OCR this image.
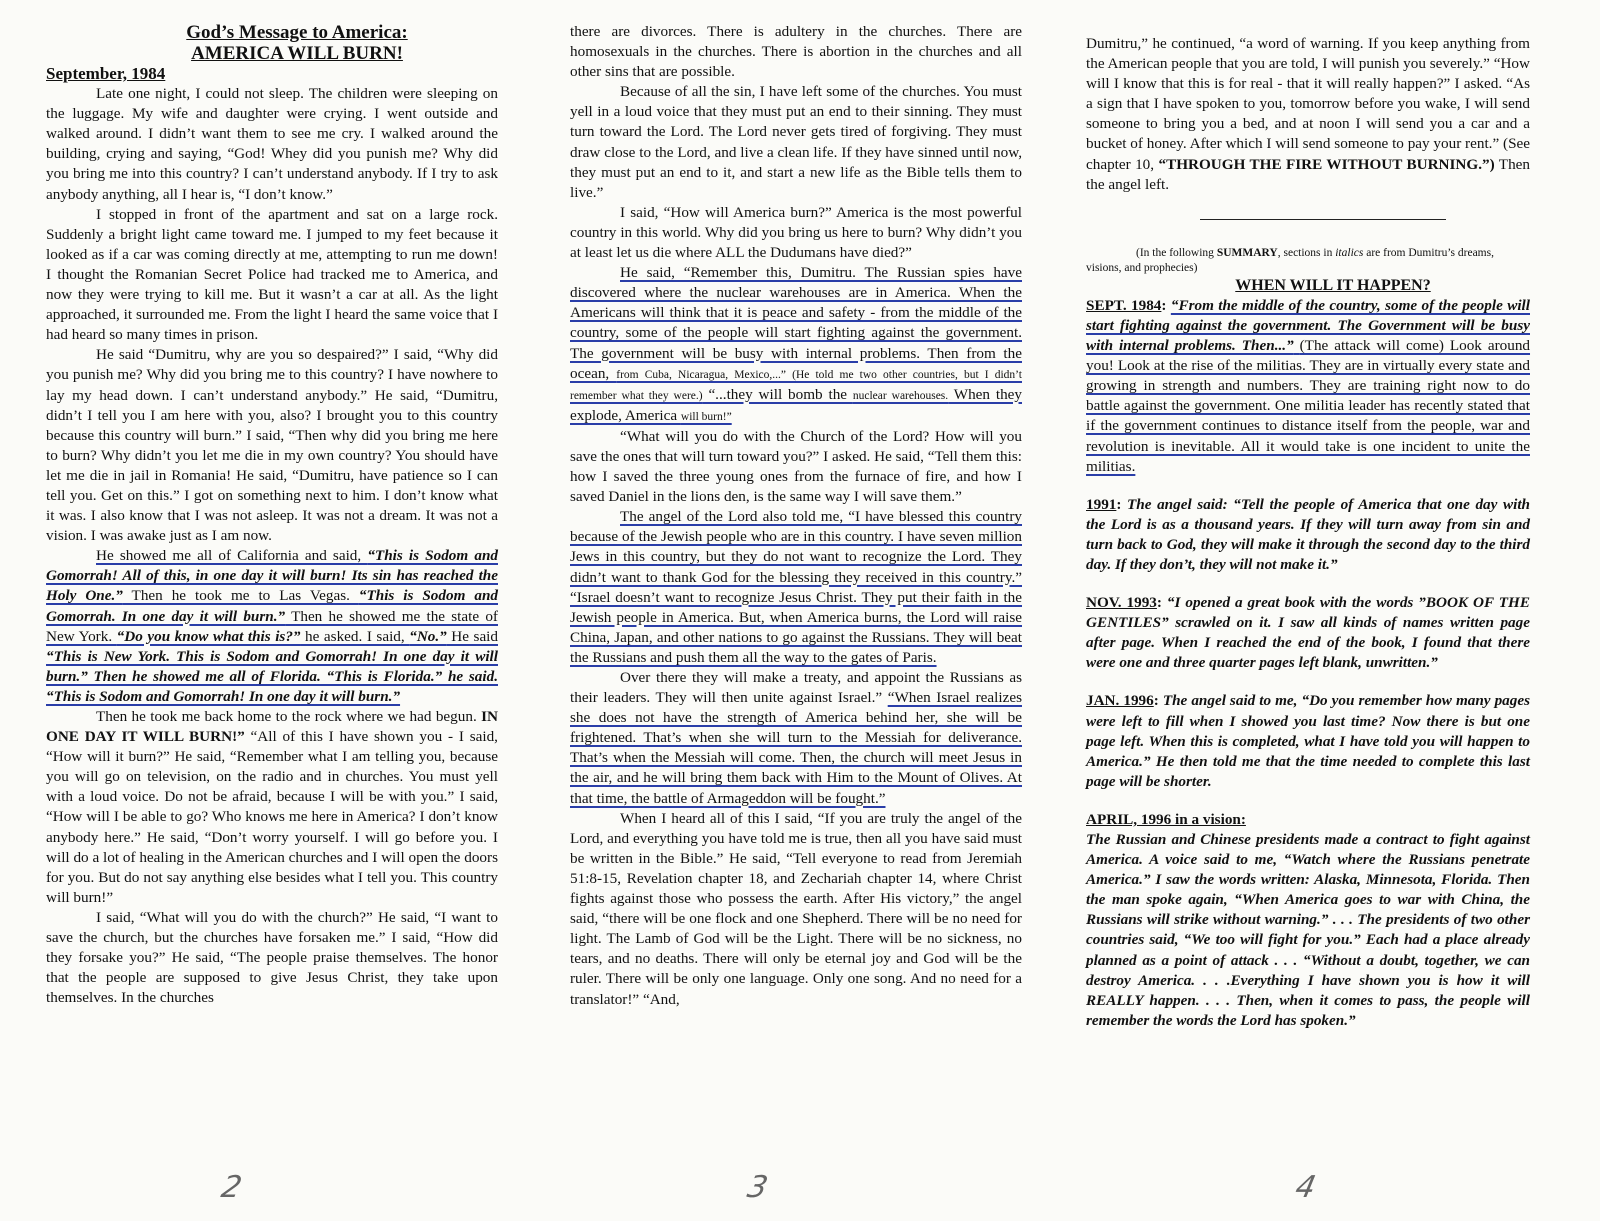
God’s Message to America:

AMERICA WILL BURN!

September, 1984

Late one night, I could not sleep. The children were sleeping on the luggage. My wife and daughter were crying. I went outside and walked around. I didn’t want them to see me cry. I walked around the building, crying and saying, “God! Whey did you punish me? Why did you bring me into this country? I can’t understand anybody. If I try to ask anybody anything, all I hear is, “I don’t know.”

I stopped in front of the apartment and sat on a large rock. Suddenly a bright light came toward me. I jumped to my feet because it looked as if a car was coming directly at me, attempting to run me down! I thought the Romanian Secret Police had tracked me to America, and now they were trying to kill me. But it wasn’t a car at all. As the light approached, it surrounded me. From the light I heard the same voice that I had heard so many times in prison.

He said “Dumitru, why are you so despaired?” I said, “Why did you punish me? Why did you bring me to this country? I have nowhere to lay my head down. I can’t understand anybody.” He said, “Dumitru, didn’t I tell you I am here with you, also? I brought you to this country because this country will burn.” I said, “Then why did you bring me here to burn? Why didn’t you let me die in my own country? You should have let me die in jail in Romania! He said, “Dumitru, have patience so I can tell you. Get on this.” I got on something next to him. I don’t know what it was. I also know that I was not asleep. It was not a dream. It was not a vision. I was awake just as I am now.

He showed me all of California and said, “This is Sodom and Gomorrah! All of this, in one day it will burn! Its sin has reached the Holy One.” Then he took me to Las Vegas. “This is Sodom and Gomorrah. In one day it will burn.” Then he showed me the state of New York. “Do you know what this is?” he asked. I said, “No.” He said “This is New York. This is Sodom and Gomorrah! In one day it will burn.” Then he showed me all of Florida. “This is Florida.” he said. “This is Sodom and Gomorrah! In one day it will burn.”

Then he took me back home to the rock where we had begun. IN ONE DAY IT WILL BURN!” “All of this I have shown you - I said, “How will it burn?” He said, “Remember what I am telling you, because you will go on television, on the radio and in churches. You must yell with a loud voice. Do not be afraid, because I will be with you.” I said, “How will I be able to go? Who knows me here in America? I don’t know anybody here.” He said, “Don’t worry yourself. I will go before you. I will do a lot of healing in the American churches and I will open the doors for you. But do not say anything else besides what I tell you. This country will burn!”

I said, “What will you do with the church?” He said, “I want to save the church, but the churches have forsaken me.” I said, “How did they forsake you?” He said, “The people praise themselves. The honor that the people are supposed to give Jesus Christ, they take upon themselves. In the churches

there are divorces. There is adultery in the churches. There are homosexuals in the churches. There is abortion in the churches and all other sins that are possible.

Because of all the sin, I have left some of the churches. You must yell in a loud voice that they must put an end to their sinning. They must turn toward the Lord. The Lord never gets tired of forgiving. They must draw close to the Lord, and live a clean life. If they have sinned until now, they must put an end to it, and start a new life as the Bible tells them to live.”

I said, “How will America burn?” America is the most powerful country in this world. Why did you bring us here to burn? Why didn’t you at least let us die where ALL the Dudumans have died?”

He said, “Remember this, Dumitru. The Russian spies have discovered where the nuclear warehouses are in America. When the Americans will think that it is peace and safety - from the middle of the country, some of the people will start fighting against the government. The government will be busy with internal problems. Then from the ocean, from Cuba, Nicaragua, Mexico,...” (He told me two other countries, but I didn’t remember what they were.) “...they will bomb the nuclear warehouses. When they explode, America will burn!”

“What will you do with the Church of the Lord? How will you save the ones that will turn toward you?” I asked. He said, “Tell them this: how I saved the three young ones from the furnace of fire, and how I saved Daniel in the lions den, is the same way I will save them.”

The angel of the Lord also told me, “I have blessed this country because of the Jewish people who are in this country. I have seven million Jews in this country, but they do not want to recognize the Lord. They didn’t want to thank God for the blessing they received in this country.” “Israel doesn’t want to recognize Jesus Christ. They put their faith in the Jewish people in America. But, when America burns, the Lord will raise China, Japan, and other nations to go against the Russians. They will beat the Russians and push them all the way to the gates of Paris.

Over there they will make a treaty, and appoint the Russians as their leaders. They will then unite against Israel.” “When Israel realizes she does not have the strength of America behind her, she will be frightened. That’s when she will turn to the Messiah for deliverance. That’s when the Messiah will come. Then, the church will meet Jesus in the air, and he will bring them back with Him to the Mount of Olives. At that time, the battle of Armageddon will be fought.”

When I heard all of this I said, “If you are truly the angel of the Lord, and everything you have told me is true, then all you have said must be written in the Bible.” He said, “Tell everyone to read from Jeremiah 51:8-15, Revelation chapter 18, and Zechariah chapter 14, where Christ fights against those who possess the earth. After His victory,” the angel said, “there will be one flock and one Shepherd. There will be no need for light. The Lamb of God will be the Light. There will be no sickness, no tears, and no deaths. There will only be eternal joy and God will be the ruler. There will be only one language. Only one song. And no need for a translator!” “And,

Dumitru,” he continued, “a word of warning. If you keep anything from the American people that you are told, I will punish you severely.” “How will I know that this is for real - that it will really happen?” I asked. “As a sign that I have spoken to you, tomorrow before you wake, I will send someone to bring you a bed, and at noon I will send you a car and a bucket of honey. After which I will send someone to pay your rent.” (See chapter 10, “THROUGH THE FIRE WITHOUT BURNING.”) Then the angel left.

(In the following SUMMARY, sections in italics are from Dumitru’s dreams, visions, and prophecies)

WHEN WILL IT HAPPEN?

SEPT. 1984: “From the middle of the country, some of the people will start fighting against the government. The Government will be busy with internal problems. Then...” (The attack will come) Look around you! Look at the rise of the militias. They are in virtually every state and growing in strength and numbers. They are training right now to do battle against the government. One militia leader has recently stated that if the government continues to distance itself from the people, war and revolution is inevitable. All it would take is one incident to unite the militias.

1991: The angel said: “Tell the people of America that one day with the Lord is as a thousand years. If they will turn away from sin and turn back to God, they will make it through the second day to the third day. If they don’t, they will not make it.”

NOV. 1993: “I opened a great book with the words ”BOOK OF THE GENTILES” scrawled on it. I saw all kinds of names written page after page. When I reached the end of the book, I found that there were one and three quarter pages left blank, unwritten.”

JAN. 1996: The angel said to me, “Do you remember how many pages were left to fill when I showed you last time? Now there is but one page left. When this is completed, what I have told you will happen to America.” He then told me that the time needed to complete this last page will be shorter.

APRIL, 1996 in a vision:
The Russian and Chinese presidents made a contract to fight against America. A voice said to me, “Watch where the Russians penetrate America.” I saw the words written: Alaska, Minnesota, Florida. Then the man spoke again, “When America goes to war with China, the Russians will strike without warning.” . . . The presidents of two other countries said, “We too will fight for you.” Each had a place already planned as a point of attack . . . “Without a doubt, together, we can destroy America. . . .Everything I have shown you is how it will REALLY happen. . . . Then, when it comes to pass, the people will remember the words the Lord has spoken.”

2	3	4
